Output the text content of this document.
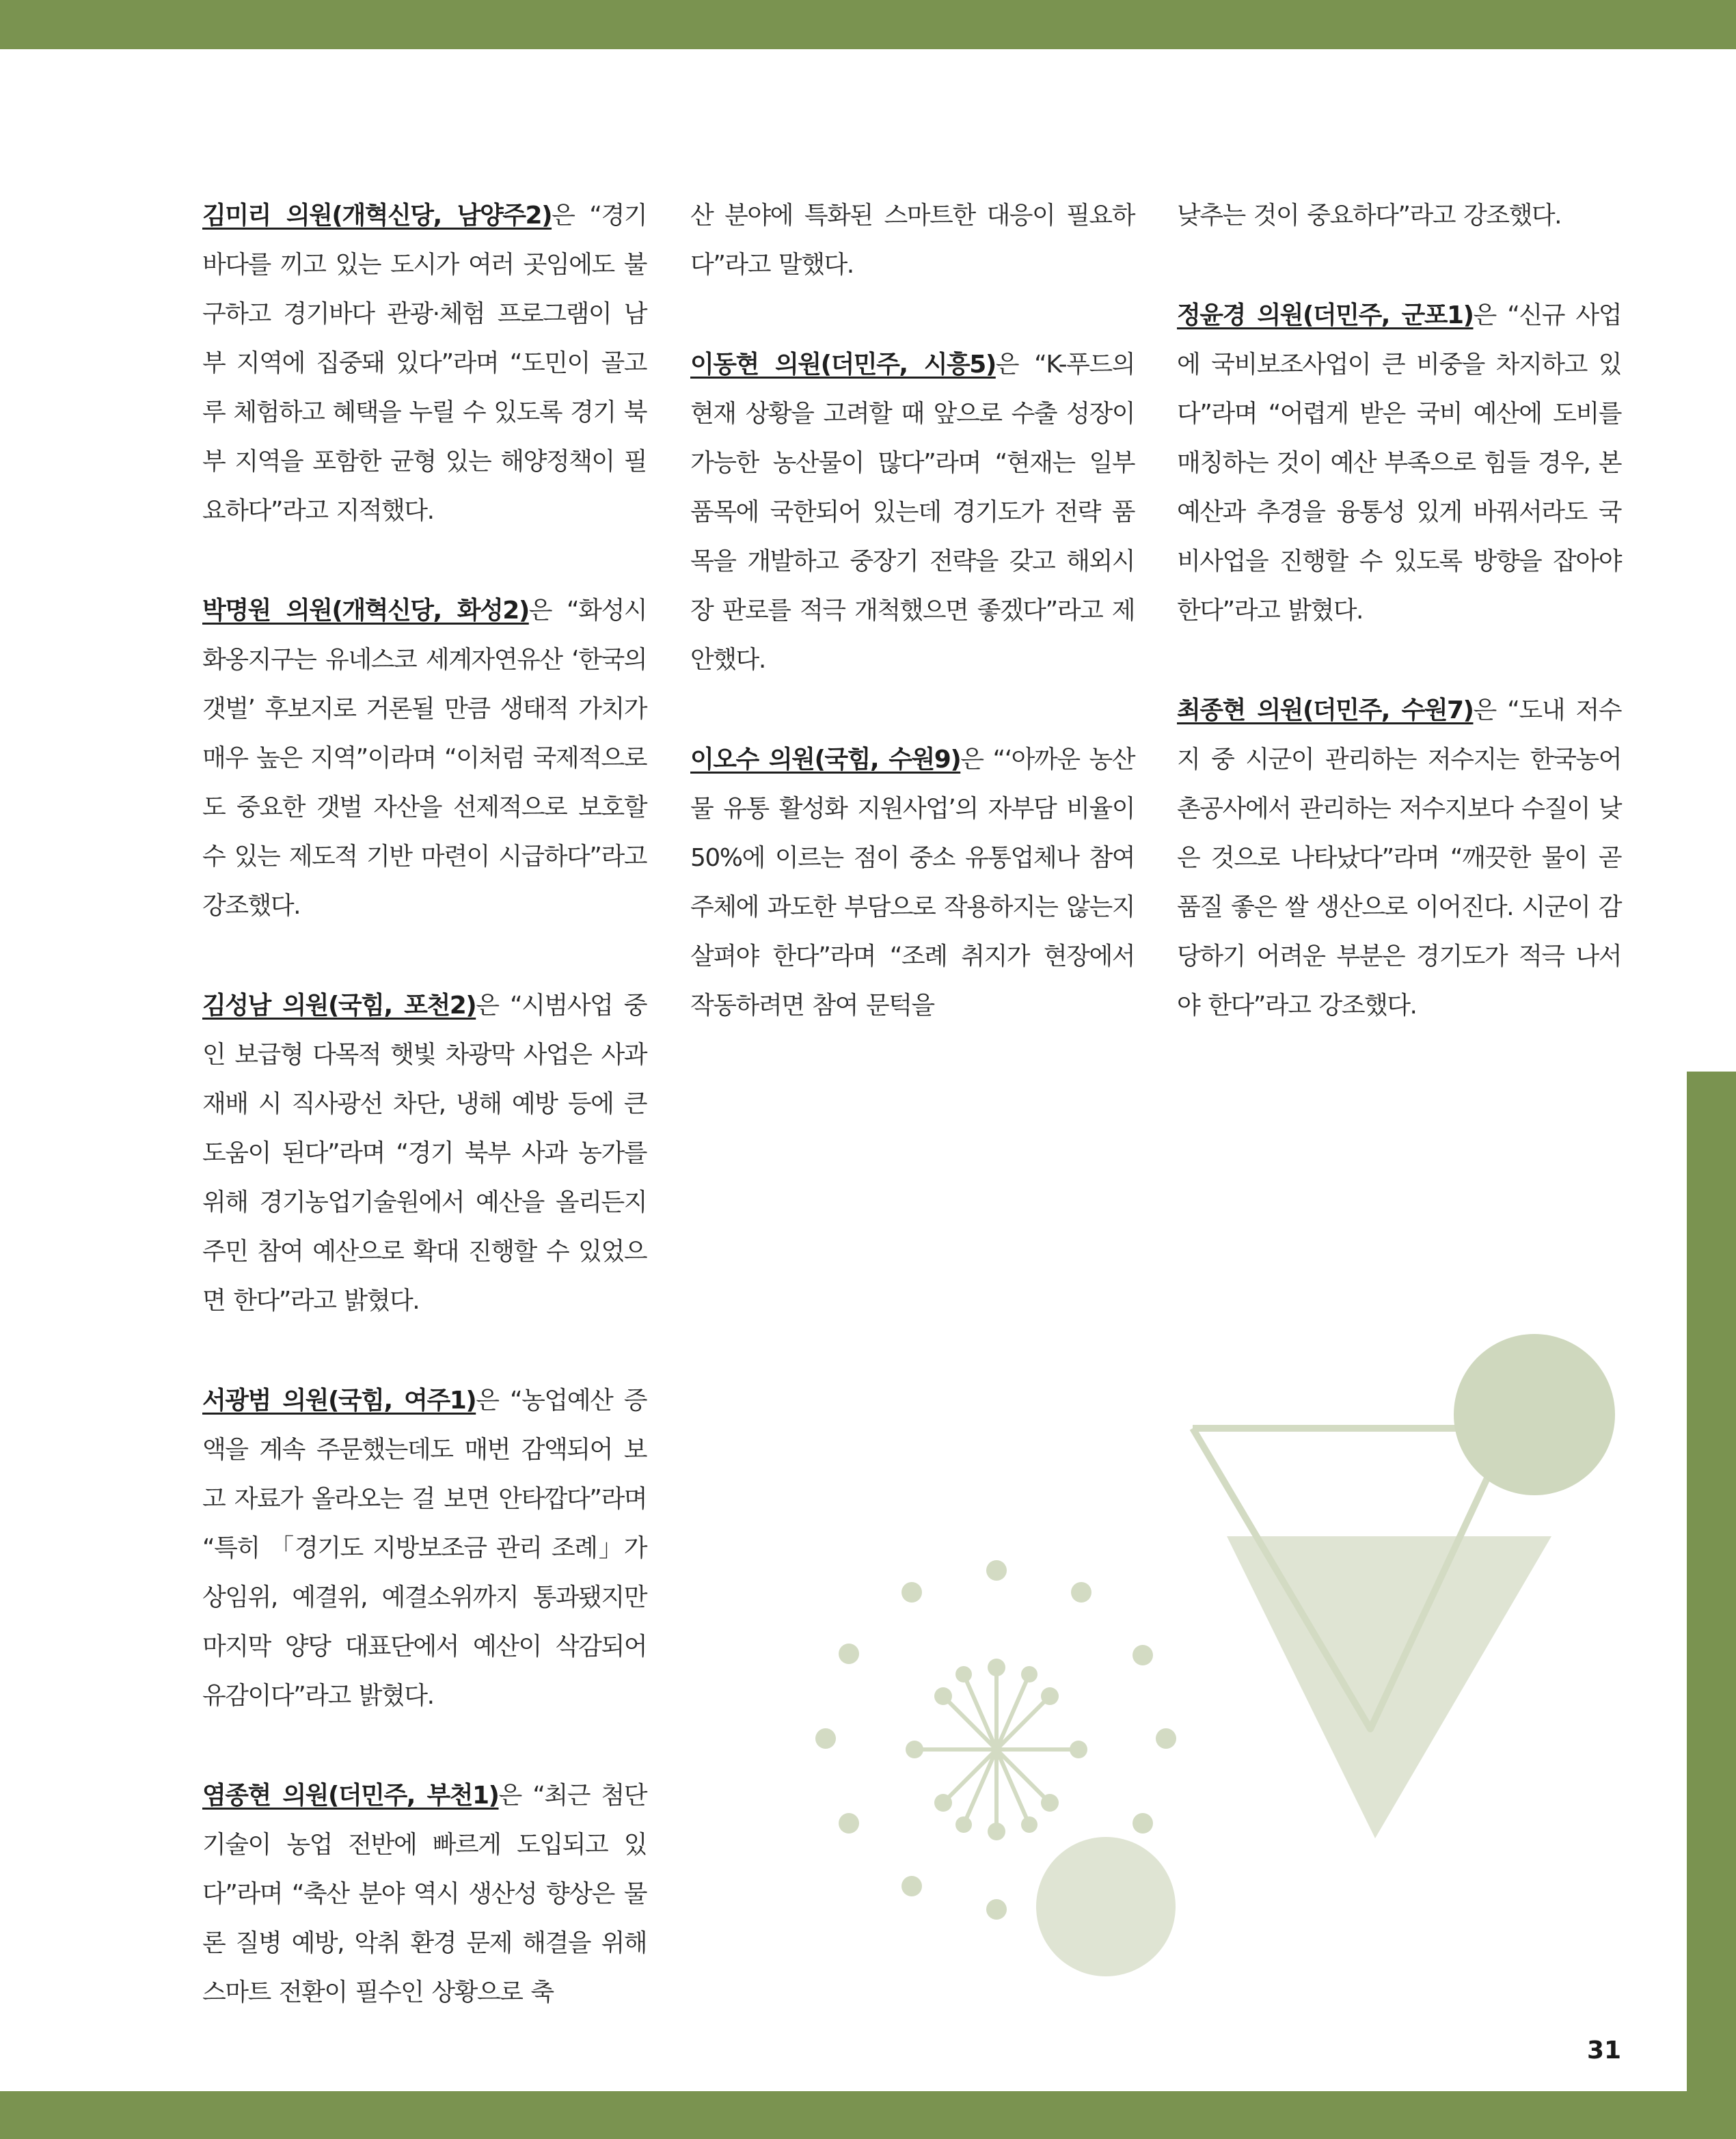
김미리 의원(개혁신당, 남양주2)은 “경기바다를 끼고 있는 도시가 여러 곳임에도 불구하고 경기바다 관광·체험 프로그램이 남부 지역에 집중돼 있다”라며 “도민이 골고루 체험하고 혜택을 누릴 수 있도록 경기 북부 지역을 포함한 균형 있는 해양정책이 필요하다”라고 지적했다.

박명원 의원(개혁신당, 화성2)은 “화성시 화옹지구는 유네스코 세계자연유산 ‘한국의 갯벌’ 후보지로 거론될 만큼 생태적 가치가 매우 높은 지역”이라며 “이처럼 국제적으로도 중요한 갯벌 자산을 선제적으로 보호할 수 있는 제도적 기반 마련이 시급하다”라고 강조했다.

김성남 의원(국힘, 포천2)은 “시범사업 중인 보급형 다목적 햇빛 차광막 사업은 사과 재배 시 직사광선 차단, 냉해 예방 등에 큰 도움이 된다”라며 “경기 북부 사과 농가를 위해 경기농업기술원에서 예산을 올리든지 주민 참여 예산으로 확대 진행할 수 있었으면 한다”라고 밝혔다.

서광범 의원(국힘, 여주1)은 “농업예산 증액을 계속 주문했는데도 매번 감액되어 보고 자료가 올라오는 걸 보면 안타깝다”라며 “특히 「경기도 지방보조금 관리 조례」가 상임위, 예결위, 예결소위까지 통과됐지만 마지막 양당 대표단에서 예산이 삭감되어 유감이다”라고 밝혔다.

염종현 의원(더민주, 부천1)은 “최근 첨단기술이 농업 전반에 빠르게 도입되고 있다”라며 “축산 분야 역시 생산성 향상은 물론 질병 예방, 악취 환경 문제 해결을 위해 스마트 전환이 필수인 상황으로 축

산 분야에 특화된 스마트한 대응이 필요하다”라고 말했다.

이동현 의원(더민주, 시흥5)은 “K-푸드의 현재 상황을 고려할 때 앞으로 수출 성장이 가능한 농산물이 많다”라며 “현재는 일부 품목에 국한되어 있는데 경기도가 전략 품목을 개발하고 중장기 전략을 갖고 해외시장 판로를 적극 개척했으면 좋겠다”라고 제안했다.

이오수 의원(국힘, 수원9)은 “‘아까운 농산물 유통 활성화 지원사업’의 자부담 비율이 50%에 이르는 점이 중소 유통업체나 참여 주체에 과도한 부담으로 작용하지는 않는지 살펴야 한다”라며 “조례 취지가 현장에서 작동하려면 참여 문턱을

낮추는 것이 중요하다”라고 강조했다.

정윤경 의원(더민주, 군포1)은 “신규 사업에 국비보조사업이 큰 비중을 차지하고 있다”라며 “어렵게 받은 국비 예산에 도비를 매칭하는 것이 예산 부족으로 힘들 경우, 본예산과 추경을 융통성 있게 바꿔서라도 국비사업을 진행할 수 있도록 방향을 잡아야 한다”라고 밝혔다.

최종현 의원(더민주, 수원7)은 “도내 저수지 중 시군이 관리하는 저수지는 한국농어촌공사에서 관리하는 저수지보다 수질이 낮은 것으로 나타났다”라며 “깨끗한 물이 곧 품질 좋은 쌀 생산으로 이어진다. 시군이 감당하기 어려운 부분은 경기도가 적극 나서야 한다”라고 강조했다.

31
